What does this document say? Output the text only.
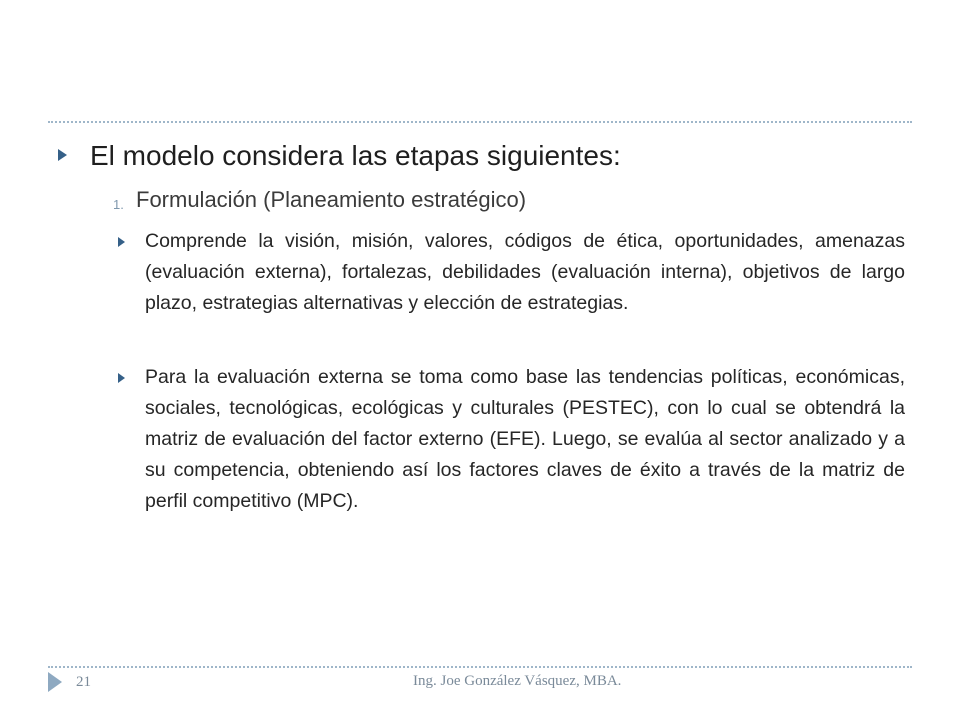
El modelo considera las etapas siguientes:
1. Formulación (Planeamiento estratégico)
Comprende la visión, misión, valores, códigos de ética, oportunidades, amenazas (evaluación externa), fortalezas, debilidades (evaluación interna), objetivos de largo plazo, estrategias alternativas y elección de estrategias.
Para la evaluación externa se toma como base las tendencias políticas, económicas, sociales, tecnológicas, ecológicas y culturales (PESTEC), con lo cual se obtendrá la matriz de evaluación del factor externo (EFE). Luego, se evalúa al sector analizado y a su competencia, obteniendo así los factores claves de éxito a través de la matriz de perfil competitivo (MPC).
21	Ing. Joe González Vásquez, MBA.
